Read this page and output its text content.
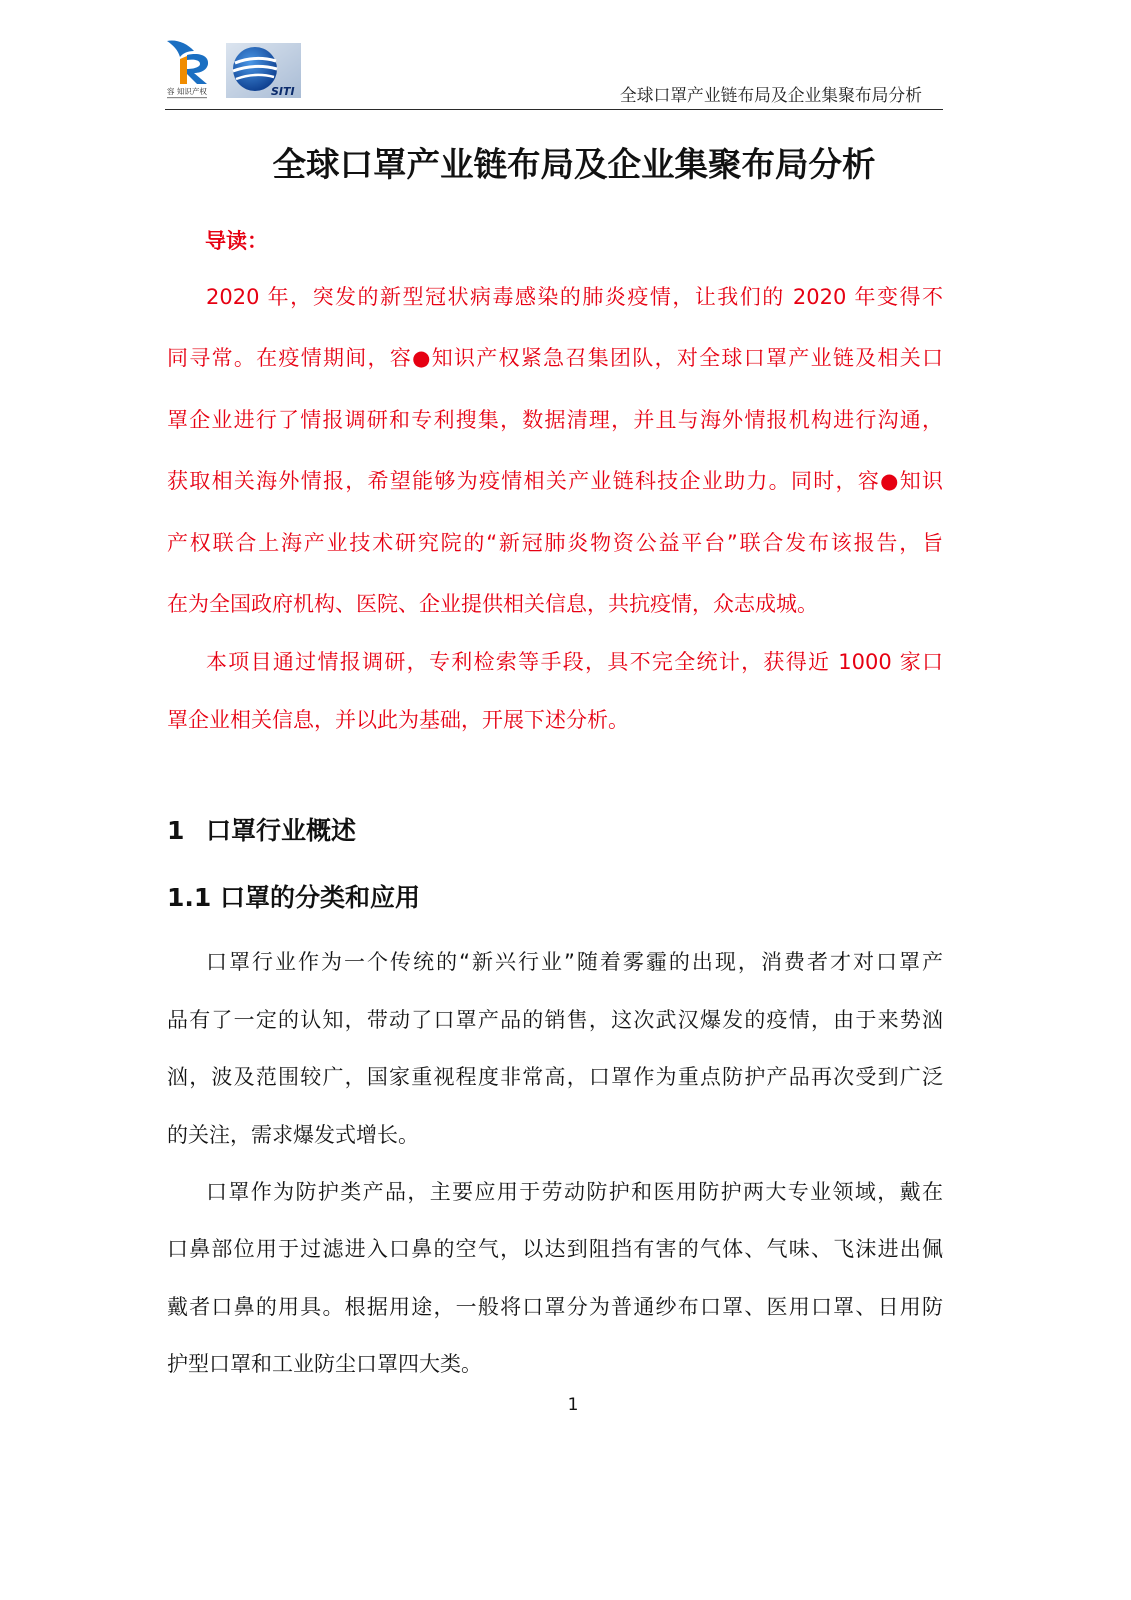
容 知识产权	SITI	全球口罩产业链布局及企业集聚布局分析
全球口罩产业链布局及企业集聚布局分析
导读：
2020 年，突发的新型冠状病毒感染的肺炎疫情，让我们的 2020 年变得不
同寻常。在疫情期间，容●知识产权紧急召集团队，对全球口罩产业链及相关口
罩企业进行了情报调研和专利搜集，数据清理，并且与海外情报机构进行沟通，
获取相关海外情报，希望能够为疫情相关产业链科技企业助力。同时，容●知识
产权联合上海产业技术研究院的“新冠肺炎物资公益平台”联合发布该报告，旨
在为全国政府机构、医院、企业提供相关信息，共抗疫情，众志成城。
本项目通过情报调研，专利检索等手段，具不完全统计，获得近 1000 家口
罩企业相关信息，并以此为基础，开展下述分析。
1 口罩行业概述
1.1 口罩的分类和应用
口罩行业作为一个传统的“新兴行业”随着雾霾的出现，消费者才对口罩产
品有了一定的认知，带动了口罩产品的销售，这次武汉爆发的疫情，由于来势汹
汹，波及范围较广，国家重视程度非常高，口罩作为重点防护产品再次受到广泛
的关注，需求爆发式增长。
口罩作为防护类产品，主要应用于劳动防护和医用防护两大专业领域，戴在
口鼻部位用于过滤进入口鼻的空气，以达到阻挡有害的气体、气味、飞沫进出佩
戴者口鼻的用具。根据用途，一般将口罩分为普通纱布口罩、医用口罩、日用防
护型口罩和工业防尘口罩四大类。
1
